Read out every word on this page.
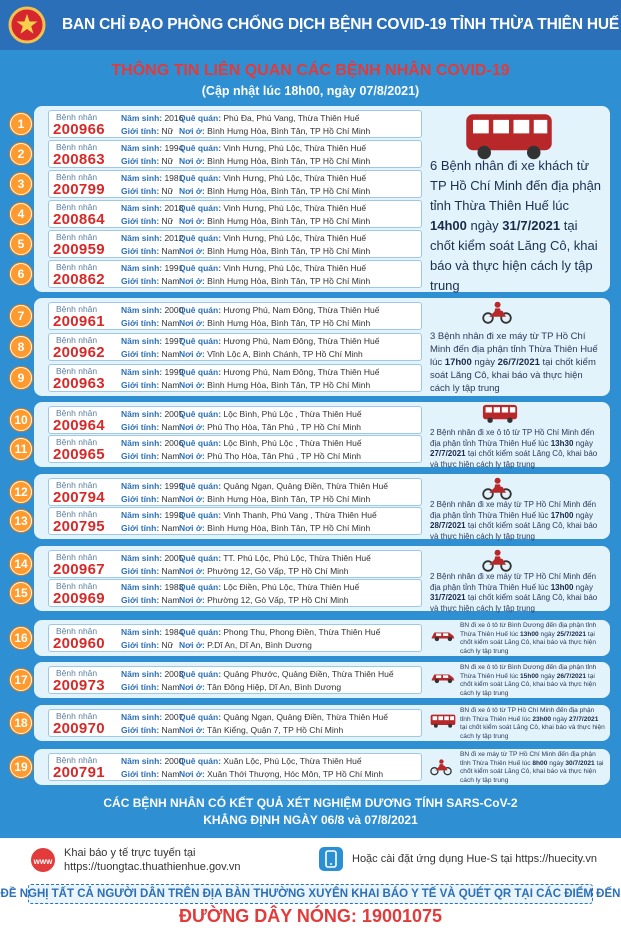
BAN CHỈ ĐẠO PHÒNG CHỐNG DỊCH BỆNH COVID-19 TỈNH THỪA THIÊN HUẾ
THÔNG TIN LIÊN QUAN CÁC BỆNH NHÂN COVID-19
(Cập nhật lúc 18h00, ngày 07/8/2021)
Bệnh nhân
200966
Năm sinh: 2016
Giới tính: Nữ
Quê quán: Phú Đa, Phú Vang, Thừa Thiên Huế
Nơi ở: Bình Hưng Hòa, Bình Tân, TP Hồ Chí Minh
Bệnh nhân
200863
Năm sinh: 1994
Giới tính: Nữ
Quê quán: Vinh Hưng, Phú Lộc, Thừa Thiên Huế
Nơi ở: Bình Hưng Hòa, Bình Tân, TP Hồ Chí Minh
Bệnh nhân
200799
Năm sinh: 1981
Giới tính: Nữ
Quê quán: Vinh Hưng, Phú Lộc, Thừa Thiên Huế
Nơi ở: Bình Hưng Hòa, Bình Tân, TP Hồ Chí Minh
Bệnh nhân
200864
Năm sinh: 2018
Giới tính: Nữ
Quê quán: Vinh Hưng, Phú Lộc, Thừa Thiên Huế
Nơi ở: Bình Hưng Hòa, Bình Tân, TP Hồ Chí Minh
Bệnh nhân
200959
Năm sinh: 2012
Giới tính: Nam
Quê quán: Vinh Hưng, Phú Lộc, Thừa Thiên Huế
Nơi ở: Bình Hưng Hòa, Bình Tân, TP Hồ Chí Minh
Bệnh nhân
200862
Năm sinh: 1991
Giới tính: Nam
Quê quán: Vinh Hưng, Phú Lộc, Thừa Thiên Huế
Nơi ở: Bình Hưng Hòa, Bình Tân, TP Hồ Chí Minh
6 Bệnh nhân đi xe khách từ TP Hồ Chí Minh đến địa phận tỉnh Thừa Thiên Huế lúc 14h00 ngày 31/7/2021 tại chốt kiểm soát Lăng Cô, khai báo và thực hiện cách ly tập trung
1
2
3
4
5
6
Bệnh nhân
200961
Năm sinh: 2000
Giới tính: Nam
Quê quán: Hương Phú, Nam Đông, Thừa Thiên Huế
Nơi ở: Bình Hưng Hòa, Bình Tân, TP Hồ Chí Minh
Bệnh nhân
200962
Năm sinh: 1997
Giới tính: Nam
Quê quán: Hương Phú, Nam Đông, Thừa Thiên Huế
Nơi ở: Vĩnh Lộc A, Bình Chánh, TP Hồ Chí Minh
Bệnh nhân
200963
Năm sinh: 1999
Giới tính: Nam
Quê quán: Hương Phú, Nam Đông, Thừa Thiên Huế
Nơi ở: Bình Hưng Hòa, Bình Tân, TP Hồ Chí Minh
3 Bệnh nhân đi xe máy từ TP Hồ Chí Minh đến địa phận tỉnh Thừa Thiên Huế lúc 17h00 ngày 26/7/2021 tại chốt kiểm soát Lăng Cô, khai báo và thực hiện cách ly tập trung
7
8
9
Bệnh nhân
200964
Năm sinh: 2005
Giới tính: Nam
Quê quán: Lộc Bình, Phú Lộc , Thừa Thiên Huế
Nơi ở: Phú Thọ Hòa, Tân Phú , TP Hồ Chí Minh
Bệnh nhân
200965
Năm sinh: 2006
Giới tính: Nam
Quê quán: Lộc Bình, Phú Lộc , Thừa Thiên Huế
Nơi ở: Phú Thọ Hòa, Tân Phú , TP Hồ Chí Minh
2 Bệnh nhân đi xe ô tô từ TP Hồ Chí Minh đến địa phận tỉnh Thừa Thiên Huế lúc 13h30 ngày 27/7/2021 tại chốt kiểm soát Lăng Cô, khai báo và thực hiện cách ly tập trung
10
11
Bệnh nhân
200794
Năm sinh: 1999
Giới tính: Nam
Quê quán: Quảng Ngạn, Quảng Điền, Thừa Thiên Huế
Nơi ở: Bình Hưng Hòa, Bình Tân, TP Hồ Chí Minh
Bệnh nhân
200795
Năm sinh: 1998
Giới tính: Nam
Quê quán: Vinh Thanh, Phú Vang , Thừa Thiên Huế
Nơi ở: Bình Hưng Hòa, Bình Tân, TP Hồ Chí Minh
2 Bệnh nhân đi xe máy từ TP Hồ Chí Minh đến địa phận tỉnh Thừa Thiên Huế lúc 17h00 ngày 28/7/2021 tại chốt kiểm soát Lăng Cô, khai báo và thực hiện cách ly tập trung
12
13
Bệnh nhân
200967
Năm sinh: 2005
Giới tính: Nam
Quê quán: TT. Phú Lộc, Phú Lộc, Thừa Thiên Huế
Nơi ở: Phường 12, Gò Vấp, TP Hồ Chí Minh
Bệnh nhân
200969
Năm sinh: 1983
Giới tính: Nam
Quê quán: Lộc Điền, Phú Lộc, Thừa Thiên Huế
Nơi ở: Phường 12, Gò Vấp, TP Hồ Chí Minh
2 Bệnh nhân đi xe máy từ TP Hồ Chí Minh đến địa phận tỉnh Thừa Thiên Huế lúc 13h00 ngày 31/7/2021 tại chốt kiểm soát Lăng Cô, khai báo và thực hiện cách ly tập trung
14
15
Bệnh nhân
200960
Năm sinh: 1984
Giới tính: Nữ
Quê quán: Phong Thu, Phong Điền, Thừa Thiên Huế
Nơi ở: P.Dĩ An, Dĩ An, Bình Dương
BN đi xe ô tô từ Bình Dương đến địa phận tỉnh Thừa Thiên Huế lúc 13h00 ngày 25/7/2021 tại chốt kiểm soát Lăng Cô, khai báo và thực hiện cách ly tập trung
16
Bệnh nhân
200973
Năm sinh: 2003
Giới tính: Nam
Quê quán: Quảng Phước, Quảng Điền, Thừa Thiên Huế
Nơi ở: Tân Đông Hiệp, Dĩ An, Bình Dương
BN đi xe ô tô từ Bình Dương đến địa phận tỉnh Thừa Thiên Huế lúc 15h00 ngày 26/7/2021 tại chốt kiểm soát Lăng Cô, khai báo và thực hiện cách ly tập trung
17
Bệnh nhân
200970
Năm sinh: 2007
Giới tính: Nam
Quê quán: Quảng Ngạn, Quảng Điền, Thừa Thiên Huế
Nơi ở: Tân Kiểng, Quận 7, TP Hồ Chí Minh
BN đi xe ô tô từ TP Hồ Chí Minh đến địa phận tỉnh Thừa Thiên Huế lúc 23h00 ngày 27/7/2021 tại chốt kiểm soát Lăng Cô, khai báo và thực hiện cách ly tập trung
18
Bệnh nhân
200791
Năm sinh: 2000
Giới tính: Nam
Quê quán: Xuân Lộc, Phú Lộc, Thừa Thiên Huế
Nơi ở: Xuân Thới Thượng, Hóc Môn, TP Hồ Chí Minh
BN đi xe máy từ TP Hồ Chí Minh đến địa phận tỉnh Thừa Thiên Huế lúc 8h00 ngày 30/7/2021 tại chốt kiểm soát Lăng Cô, khai báo và thực hiện cách ly tập trung
19
CÁC BỆNH NHÂN CÓ KẾT QUẢ XÉT NGHIỆM DƯƠNG TÍNH SARS-CoV-2
KHẲNG ĐỊNH NGÀY 06/8 và 07/8/2021
www
Khai báo y tế trực tuyến tại
https://tuongtac.thuathienhue.gov.vn
Hoặc cài đặt ứng dụng Hue-S tại https://huecity.vn
ĐỀ NGHỊ TẤT CẢ NGƯỜI DÂN TRÊN ĐỊA BÀN THƯỜNG XUYÊN KHAI BÁO Y TẾ VÀ QUÉT QR TẠI CÁC ĐIỂM ĐẾN
ĐƯỜNG DÂY NÓNG: 19001075
